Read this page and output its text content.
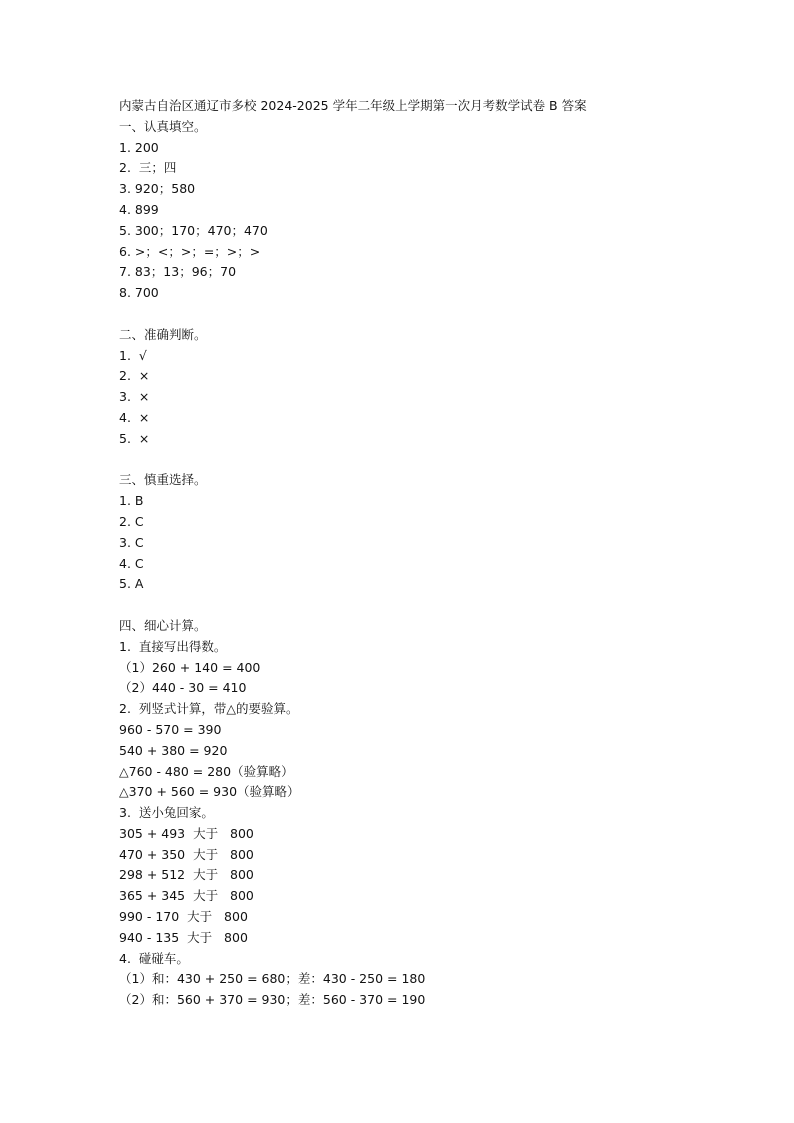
内蒙古自治区通辽市多校 2024-2025 学年二年级上学期第一次月考数学试卷 B 答案
一、认真填空。
1. 200
2.  三；四
3. 920；580
4. 899
5. 300；170；470；470
6. >；<；>；=；>；>
7. 83；13；96；70
8. 700
二、准确判断。
1.  √
2.  ×
3.  ×
4.  ×
5.  ×
三、慎重选择。
1. B
2. C
3. C
4. C
5. A
四、细心计算。
1.  直接写出得数。
（1）260 + 140 = 400
（2）440 - 30 = 410
2.  列竖式计算，带△的要验算。
960 - 570 = 390
540 + 380 = 920
△760 - 480 = 280（验算略）
△370 + 560 = 930（验算略）
3.  送小兔回家。
305 + 493  大于   800
470 + 350  大于   800
298 + 512  大于   800
365 + 345  大于   800
990 - 170  大于   800
940 - 135  大于   800
4.  碰碰车。
（1）和：430 + 250 = 680；差：430 - 250 = 180
（2）和：560 + 370 = 930；差：560 - 370 = 190
